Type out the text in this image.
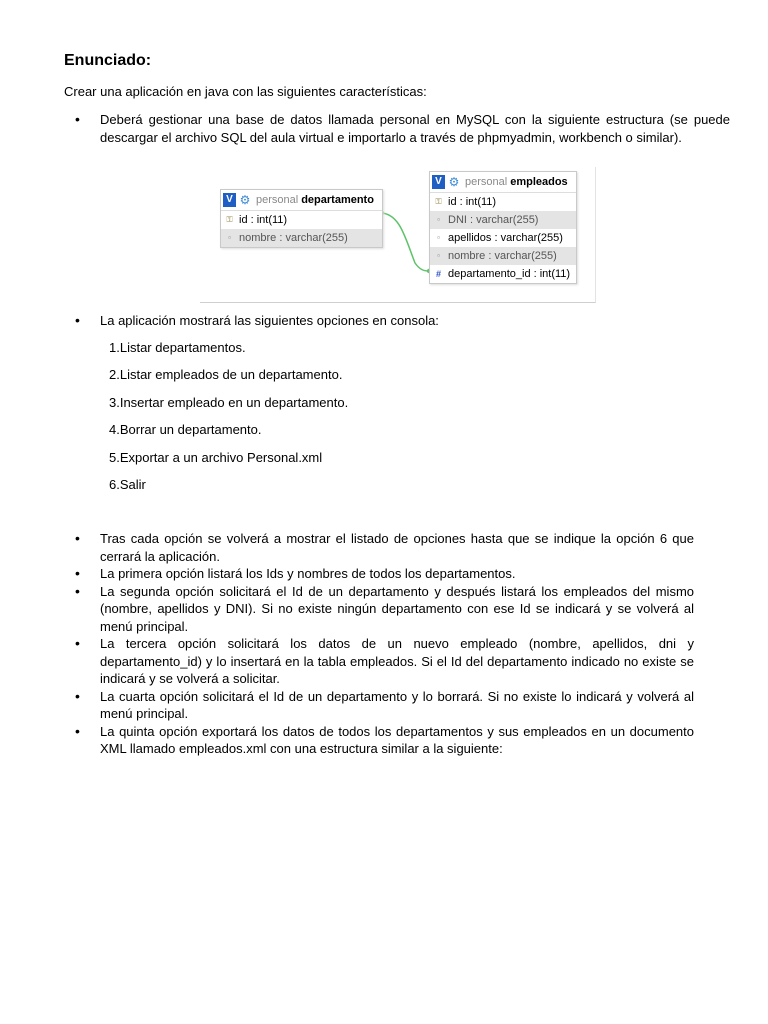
Enunciado:
Crear una aplicación en java con las siguientes características:
• Deberá gestionar una base de datos llamada personal en MySQL con la siguiente estructura (se puede descargar el archivo SQL del aula virtual e importarlo a través de phpmyadmin, workbench o similar).
• La aplicación mostrará las siguientes opciones en consola:
1.Listar departamentos.
2.Listar empleados de un departamento.
3.Insertar empleado en un departamento.
4.Borrar un departamento.
5.Exportar a un archivo Personal.xml
6.Salir
• Tras cada opción se volverá a mostrar el listado de opciones hasta que se indique la opción 6 que cerrará la aplicación.
• La primera opción listará los Ids y nombres de todos los departamentos.
• La segunda opción solicitará el Id de un departamento y después listará los empleados del mismo (nombre, apellidos y DNI). Si no existe ningún departamento con ese Id se indicará y se volverá al menú principal.
• La tercera opción solicitará los datos de un nuevo empleado (nombre, apellidos, dni y departamento_id) y lo insertará en la tabla empleados. Si el Id del departamento indicado no existe se indicará y se volverá a solicitar.
• La cuarta opción solicitará el Id de un departamento y lo borrará. Si no existe lo indicará y volverá al menú principal.
• La quinta opción exportará los datos de todos los departamentos y sus empleados en un documento XML llamado empleados.xml con una estructura similar a la siguiente:
V ⚙ personal departamento
⚿ id : int(11)
▫ nombre : varchar(255)
V ⚙ personal empleados
⚿ id : int(11)
▫ DNI : varchar(255)
▫ apellidos : varchar(255)
▫ nombre : varchar(255)
# departamento_id : int(11)
